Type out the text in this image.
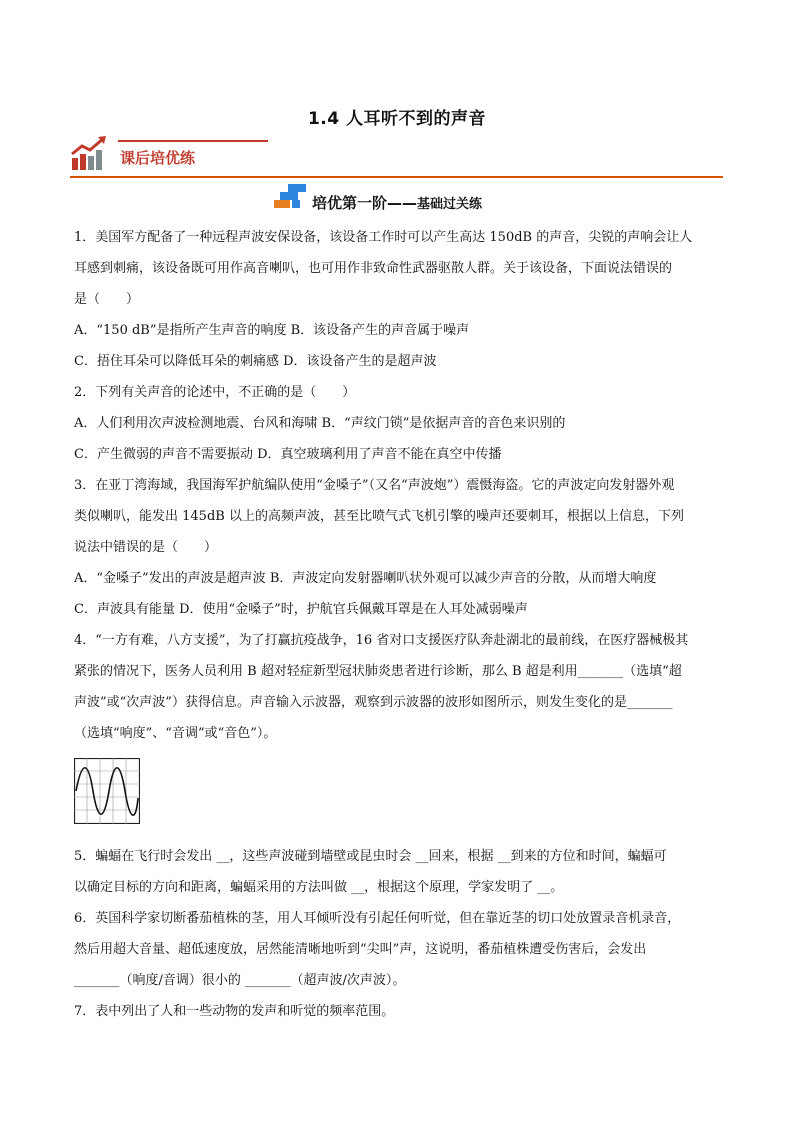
1.4 人耳听不到的声音
课后培优练
培优第一阶——基础过关练

1．美国军方配备了一种远程声波安保设备，该设备工作时可以产生高达 150dB 的声音，尖锐的声响会让人

耳感到刺痛，该设备既可用作高音喇叭，也可用作非致命性武器驱散人群。关于该设备，下面说法错误的

是（　　）

A．“150 dB”是指所产生声音的响度 B．该设备产生的声音属于噪声

C．捂住耳朵可以降低耳朵的刺痛感 D．该设备产生的是超声波

2．下列有关声音的论述中，不正确的是（　　）

A．人们利用次声波检测地震、台风和海啸 B．“声纹门锁”是依据声音的音色来识别的

C．产生微弱的声音不需要振动 D．真空玻璃利用了声音不能在真空中传播

3．在亚丁湾海域，我国海军护航编队使用“金嗓子”（又名“声波炮”）震慑海盗。它的声波定向发射器外观

类似喇叭，能发出 145dB 以上的高频声波，甚至比喷气式飞机引擎的噪声还要刺耳，根据以上信息，下列

说法中错误的是（　　）

A．“金嗓子”发出的声波是超声波 B．声波定向发射器喇叭状外观可以减少声音的分散，从而增大响度

C．声波具有能量 D．使用“金嗓子”时，护航官兵佩戴耳罩是在人耳处减弱噪声

4．“一方有难，八方支援”，为了打赢抗疫战争，16 省对口支援医疗队奔赴湖北的最前线，在医疗器械极其

紧张的情况下，医务人员利用 B 超对轻症新型冠状肺炎患者进行诊断，那么 B 超是利用_______（选填“超

声波”或“次声波”）获得信息。声音输入示波器，观察到示波器的波形如图所示，则发生变化的是_______

（选填“响度”、“音调”或“音色”）。

5．蝙蝠在飞行时会发出 __，这些声波碰到墙壁或昆虫时会 __回来，根据 __到来的方位和时间，蝙蝠可

以确定目标的方向和距离，蝙蝠采用的方法叫做 __，根据这个原理，学家发明了 __。

6．英国科学家切断番茄植株的茎，用人耳倾听没有引起任何听觉，但在靠近茎的切口处放置录音机录音，

然后用超大音量、超低速度放，居然能清晰地听到“尖叫”声，这说明，番茄植株遭受伤害后，会发出

_______（响度/音调）很小的 _______（超声波/次声波）。

7．表中列出了人和一些动物的发声和听觉的频率范围。
